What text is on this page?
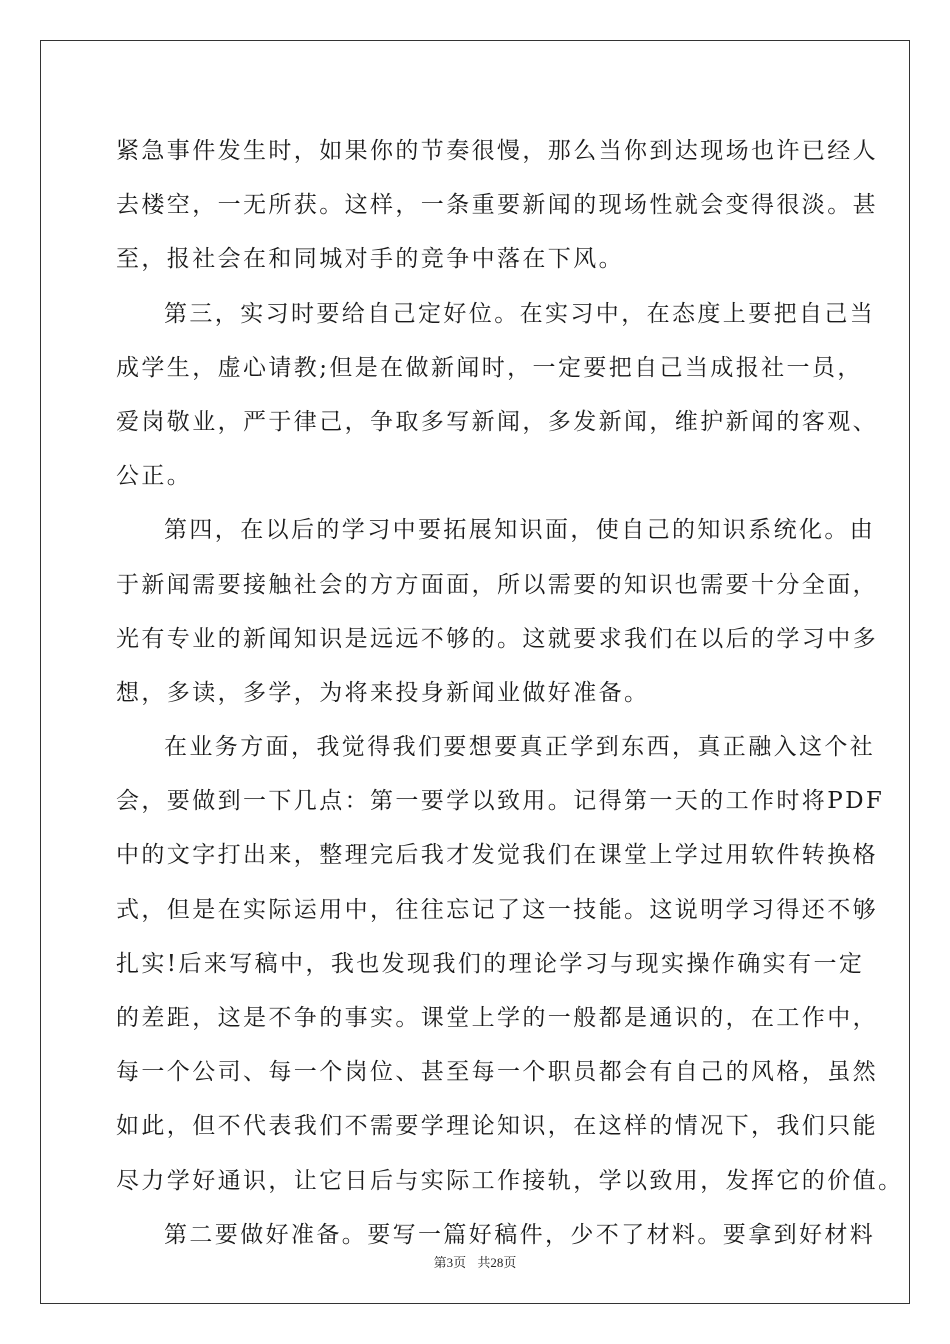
紧急事件发生时，如果你的节奏很慢，那么当你到达现场也许已经人
去楼空，一无所获。这样，一条重要新闻的现场性就会变得很淡。甚
至，报社会在和同城对手的竞争中落在下风。
第三，实习时要给自己定好位。在实习中，在态度上要把自己当
成学生，虚心请教;但是在做新闻时，一定要把自己当成报社一员，
爱岗敬业，严于律己，争取多写新闻，多发新闻，维护新闻的客观、
公正。
第四，在以后的学习中要拓展知识面，使自己的知识系统化。由
于新闻需要接触社会的方方面面，所以需要的知识也需要十分全面，
光有专业的新闻知识是远远不够的。这就要求我们在以后的学习中多
想，多读，多学，为将来投身新闻业做好准备。
在业务方面，我觉得我们要想要真正学到东西，真正融入这个社
会，要做到一下几点：第一要学以致用。记得第一天的工作时将PDF
中的文字打出来，整理完后我才发觉我们在课堂上学过用软件转换格
式，但是在实际运用中，往往忘记了这一技能。这说明学习得还不够
扎实!后来写稿中，我也发现我们的理论学习与现实操作确实有一定
的差距，这是不争的事实。课堂上学的一般都是通识的，在工作中，
每一个公司、每一个岗位、甚至每一个职员都会有自己的风格，虽然
如此，但不代表我们不需要学理论知识，在这样的情况下，我们只能
尽力学好通识，让它日后与实际工作接轨，学以致用，发挥它的价值。
第二要做好准备。要写一篇好稿件，少不了材料。要拿到好材料
第3页 共28页
